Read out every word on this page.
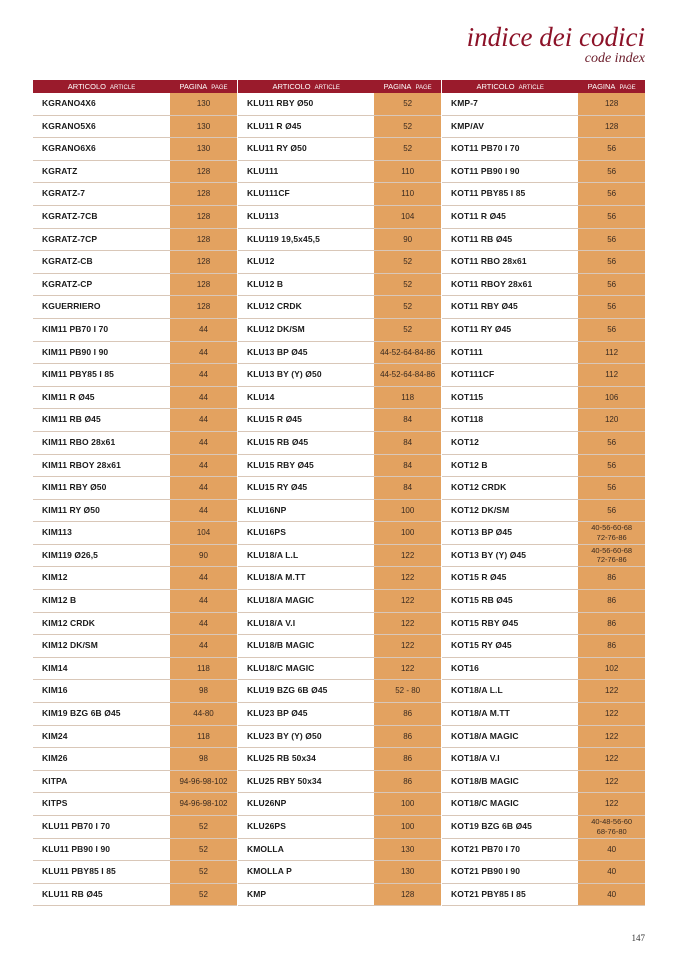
indice dei codici
code index
ARTICOLO ARTICLE	PAGINA PAGE
KGRANO4X6	130
KGRANO5X6	130
KGRANO6X6	130
KGRATZ	128
KGRATZ-7	128
KGRATZ-7CB	128
KGRATZ-7CP	128
KGRATZ-CB	128
KGRATZ-CP	128
KGUERRIERO	128
KIM11 PB70 I 70	44
KIM11 PB90 I 90	44
KIM11 PBY85 I 85	44
KIM11 R Ø45	44
KIM11 RB Ø45	44
KIM11 RBO 28x61	44
KIM11 RBOY 28x61	44
KIM11 RBY Ø50	44
KIM11 RY Ø50	44
KIM113	104
KIM119 Ø26,5	90
KIM12	44
KIM12 B	44
KIM12 CRDK	44
KIM12 DK/SM	44
KIM14	118
KIM16	98
KIM19 BZG 6B Ø45	44-80
KIM24	118
KIM26	98
KITPA	94-96-98-102
KITPS	94-96-98-102
KLU11 PB70 I 70	52
KLU11 PB90 I 90	52
KLU11 PBY85 I 85	52
KLU11 RB Ø45	52
ARTICOLO ARTICLE	PAGINA PAGE
KLU11 RBY Ø50	52
KLU11 R Ø45	52
KLU11 RY Ø50	52
KLU111	110
KLU111CF	110
KLU113	104
KLU119 19,5x45,5	90
KLU12	52
KLU12 B	52
KLU12 CRDK	52
KLU12 DK/SM	52
KLU13 BP Ø45	44-52-64-84-86
KLU13 BY (Y) Ø50	44-52-64-84-86
KLU14	118
KLU15 R Ø45	84
KLU15 RB Ø45	84
KLU15 RBY Ø45	84
KLU15 RY Ø45	84
KLU16NP	100
KLU16PS	100
KLU18/A L.L	122
KLU18/A M.TT	122
KLU18/A MAGIC	122
KLU18/A V.I	122
KLU18/B MAGIC	122
KLU18/C MAGIC	122
KLU19 BZG 6B Ø45	52 - 80
KLU23 BP Ø45	86
KLU23 BY (Y) Ø50	86
KLU25 RB 50x34	86
KLU25 RBY 50x34	86
KLU26NP	100
KLU26PS	100
KMOLLA	130
KMOLLA P	130
KMP	128
ARTICOLO ARTICLE	PAGINA PAGE
KMP-7	128
KMP/AV	128
KOT11 PB70 I 70	56
KOT11 PB90 I 90	56
KOT11 PBY85 I 85	56
KOT11 R Ø45	56
KOT11 RB Ø45	56
KOT11 RBO 28x61	56
KOT11 RBOY 28x61	56
KOT11 RBY Ø45	56
KOT11 RY Ø45	56
KOT111	112
KOT111CF	112
KOT115	106
KOT118	120
KOT12	56
KOT12 B	56
KOT12 CRDK	56
KOT12 DK/SM	56
KOT13 BP Ø45	40-56-60-68
72-76-86
KOT13 BY (Y) Ø45	40-56-60-68
72-76-86
KOT15 R Ø45	86
KOT15 RB Ø45	86
KOT15 RBY Ø45	86
KOT15 RY Ø45	86
KOT16	102
KOT18/A L.L	122
KOT18/A M.TT	122
KOT18/A MAGIC	122
KOT18/A V.I	122
KOT18/B MAGIC	122
KOT18/C MAGIC	122
KOT19 BZG 6B Ø45	40-48-56-60
68-76-80
KOT21 PB70 I 70	40
KOT21 PB90 I 90	40
KOT21 PBY85 I 85	40
147
